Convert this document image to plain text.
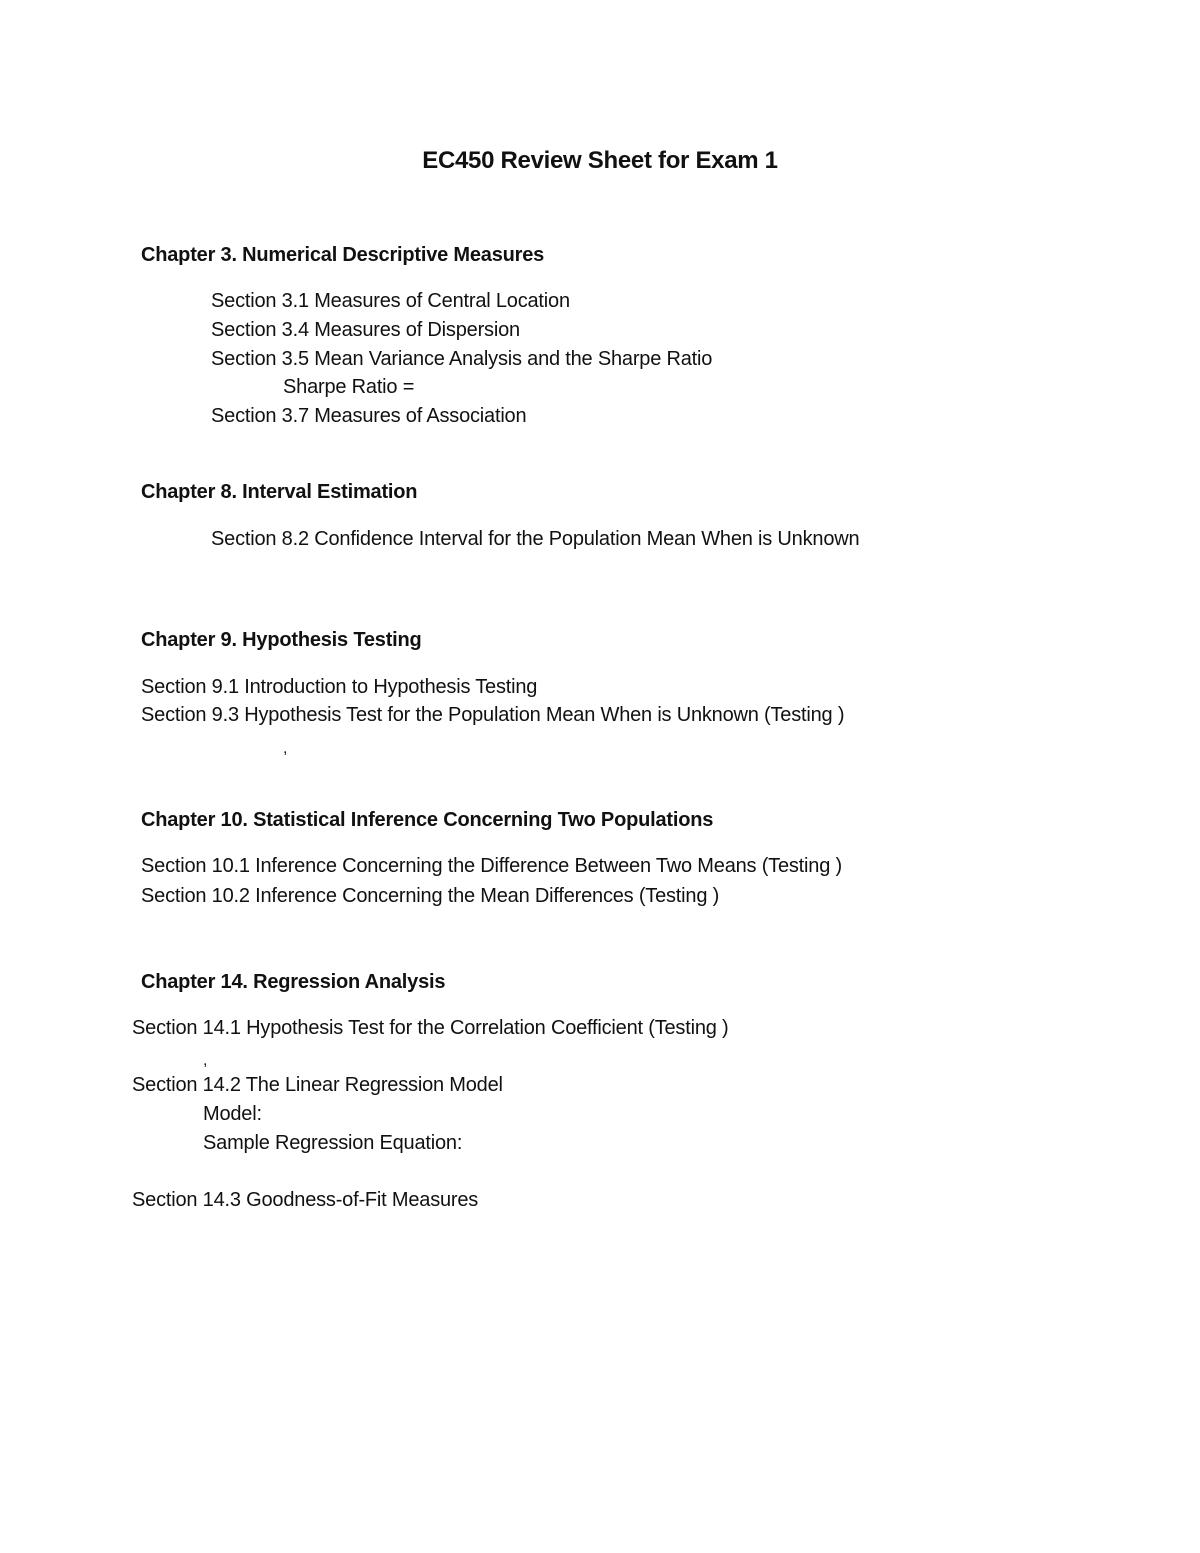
EC450 Review Sheet for Exam 1
Chapter 3. Numerical Descriptive Measures
Section 3.1 Measures of Central Location
Section 3.4 Measures of Dispersion
Section 3.5 Mean Variance Analysis and the Sharpe Ratio
Sharpe Ratio =
Section 3.7 Measures of Association
Chapter 8. Interval Estimation
Section 8.2 Confidence Interval for the Population Mean When is Unknown
Chapter 9. Hypothesis Testing
Section 9.1 Introduction to Hypothesis Testing
Section 9.3 Hypothesis Test for the Population Mean When is Unknown (Testing )
,
Chapter 10. Statistical Inference Concerning Two Populations
Section 10.1 Inference Concerning the Difference Between Two Means (Testing )
Section 10.2 Inference Concerning the Mean Differences (Testing )
Chapter 14. Regression Analysis
Section 14.1 Hypothesis Test for the Correlation Coefficient (Testing )
,
Section 14.2 The Linear Regression Model
Model:
Sample Regression Equation:
Section 14.3 Goodness-of-Fit Measures
